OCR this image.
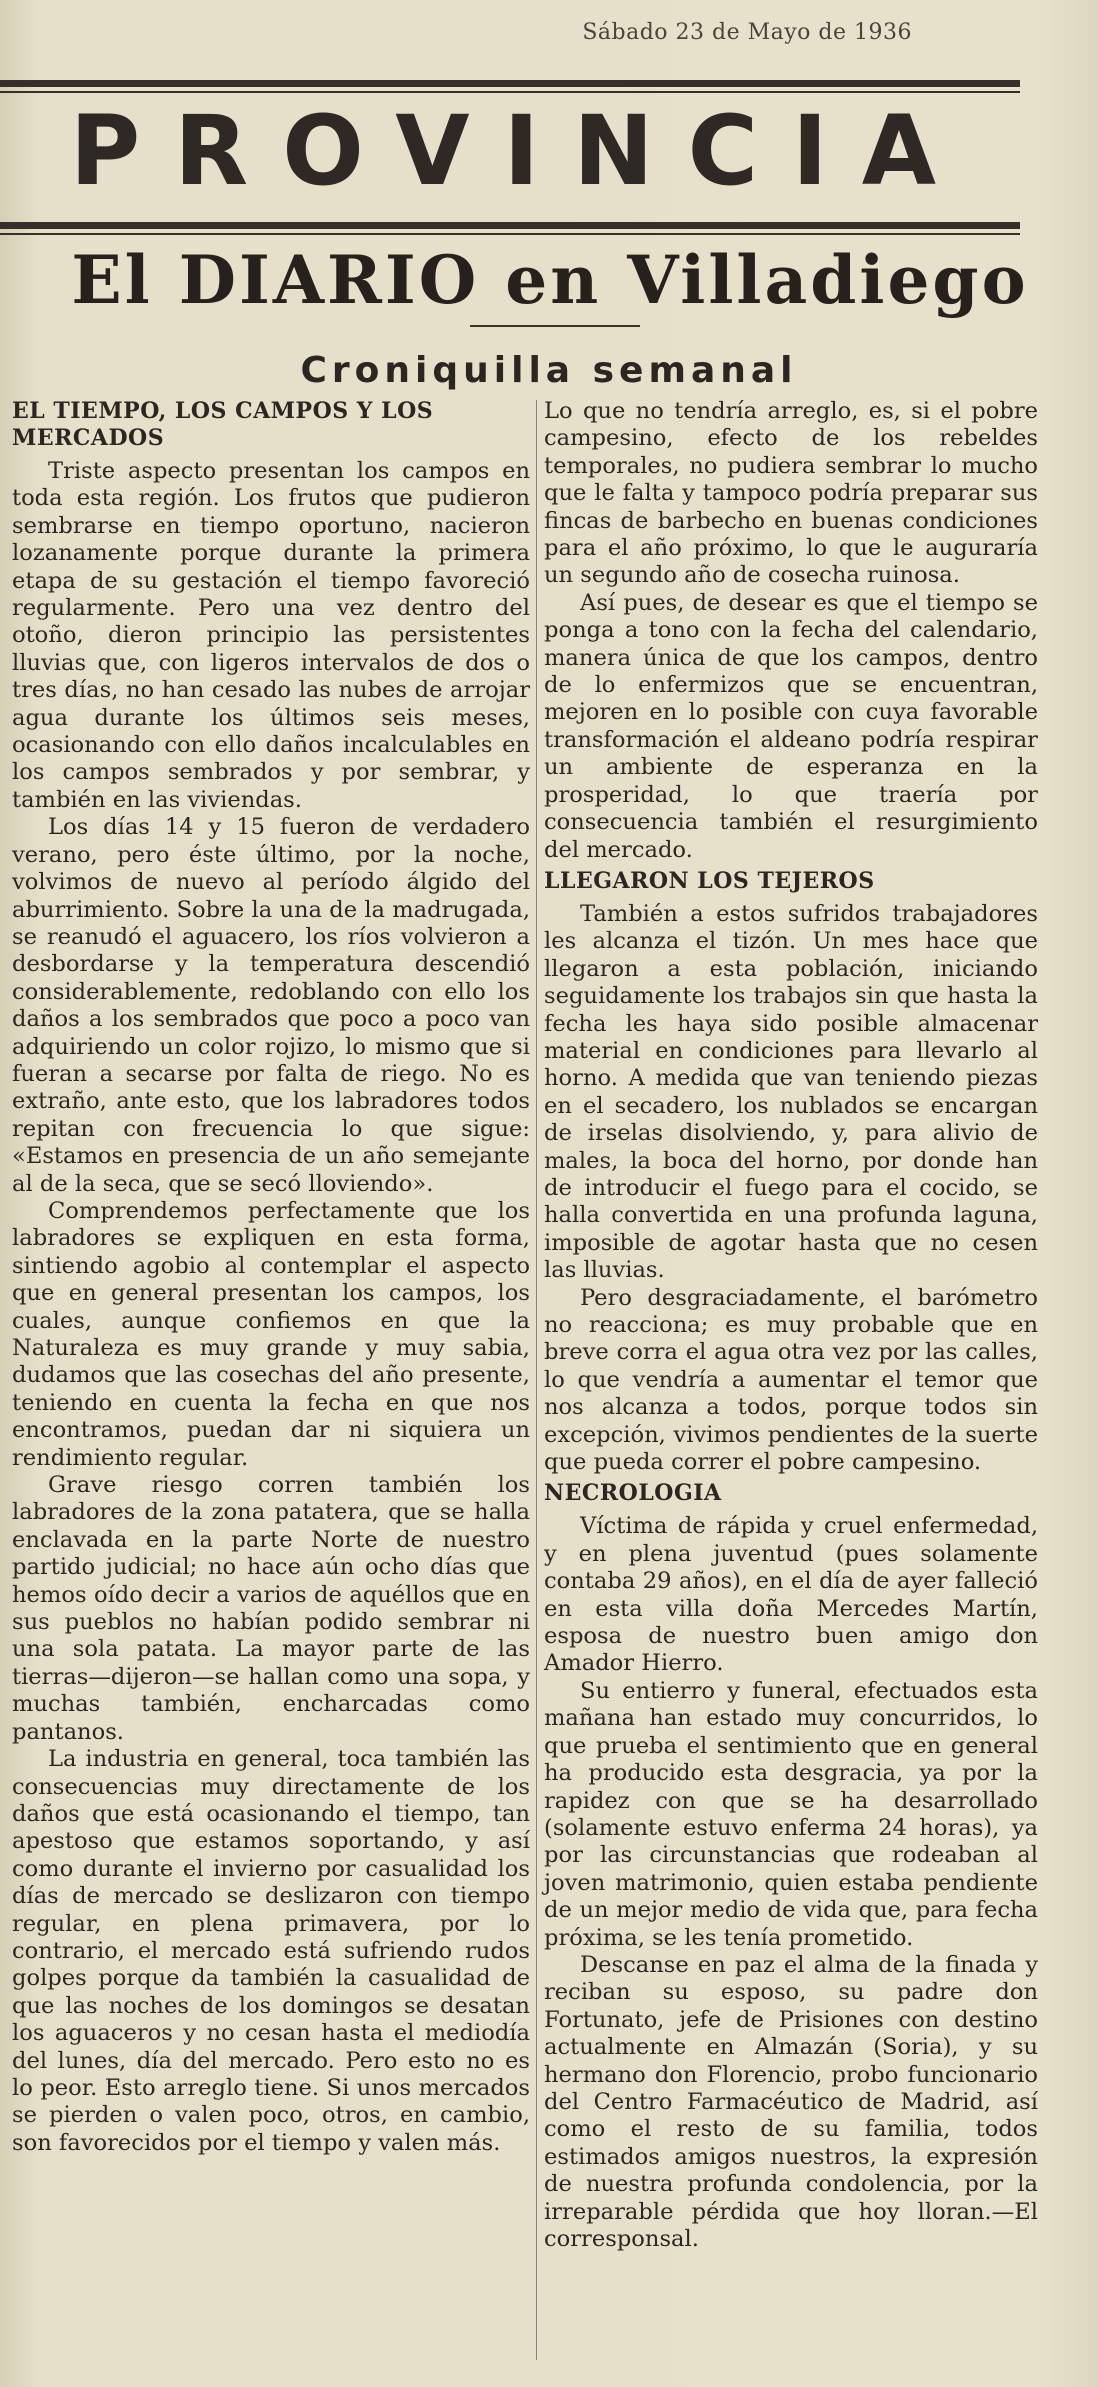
Sábado 23 de Mayo de 1936
PROVINCIA
El DIARIO en Villadiego
Croniquilla semanal
EL TIEMPO, LOS CAMPOS Y LOS MERCADOS

Triste aspecto presentan los campos en toda esta región. Los frutos que pudieron sembrarse en tiempo oportuno, nacieron lozanamente porque durante la primera etapa de su gestación el tiempo favoreció regularmente. Pero una vez dentro del otoño, dieron principio las persistentes lluvias que, con ligeros intervalos de dos o tres días, no han cesado las nubes de arrojar agua durante los últimos seis meses, ocasionando con ello daños incalculables en los campos sembrados y por sembrar, y también en las viviendas.

Los días 14 y 15 fueron de verdadero verano, pero éste último, por la noche, volvimos de nuevo al período álgido del aburrimiento. Sobre la una de la madrugada, se reanudó el aguacero, los ríos volvieron a desbordarse y la temperatura descendió considerablemente, redoblando con ello los daños a los sembrados que poco a poco van adquiriendo un color rojizo, lo mismo que si fueran a secarse por falta de riego. No es extraño, ante esto, que los labradores todos repitan con frecuencia lo que sigue: «Estamos en presencia de un año semejante al de la seca, que se secó lloviendo».

Comprendemos perfectamente que los labradores se expliquen en esta forma, sintiendo agobio al contemplar el aspecto que en general presentan los campos, los cuales, aunque confiemos en que la Naturaleza es muy grande y muy sabia, dudamos que las cosechas del año presente, teniendo en cuenta la fecha en que nos encontramos, puedan dar ni siquiera un rendimiento regular.

Grave riesgo corren también los labradores de la zona patatera, que se halla enclavada en la parte Norte de nuestro partido judicial; no hace aún ocho días que hemos oído decir a varios de aquéllos que en sus pueblos no habían podido sembrar ni una sola patata. La mayor parte de las tierras—dijeron—se hallan como una sopa, y muchas también, encharcadas como pantanos.

La industria en general, toca también las consecuencias muy directamente de los daños que está ocasionando el tiempo, tan apestoso que estamos soportando, y así como durante el invierno por casualidad los días de mercado se deslizaron con tiempo regular, en plena primavera, por lo contrario, el mercado está sufriendo rudos golpes porque da también la casualidad de que las noches de los domingos se desatan los aguaceros y no cesan hasta el mediodía del lunes, día del mercado. Pero esto no es lo peor. Esto arreglo tiene. Si unos mercados se pierden o valen poco, otros, en cambio, son favorecidos por el tiempo y valen más.

Lo que no tendría arreglo, es, si el pobre campesino, efecto de los rebeldes temporales, no pudiera sembrar lo mucho que le falta y tampoco podría preparar sus fincas de barbecho en buenas condiciones para el año próximo, lo que le auguraría un segundo año de cosecha ruinosa.

Así pues, de desear es que el tiempo se ponga a tono con la fecha del calendario, manera única de que los campos, dentro de lo enfermizos que se encuentran, mejoren en lo posible con cuya favorable transformación el aldeano podría respirar un ambiente de esperanza en la prosperidad, lo que traería por consecuencia también el resurgimiento del mercado.

LLEGARON LOS TEJEROS

También a estos sufridos trabajadores les alcanza el tizón. Un mes hace que llegaron a esta población, iniciando seguidamente los trabajos sin que hasta la fecha les haya sido posible almacenar material en condiciones para llevarlo al horno. A medida que van teniendo piezas en el secadero, los nublados se encargan de irselas disolviendo, y, para alivio de males, la boca del horno, por donde han de introducir el fuego para el cocido, se halla convertida en una profunda laguna, imposible de agotar hasta que no cesen las lluvias.

Pero desgraciadamente, el barómetro no reacciona; es muy probable que en breve corra el agua otra vez por las calles, lo que vendría a aumentar el temor que nos alcanza a todos, porque todos sin excepción, vivimos pendientes de la suerte que pueda correr el pobre campesino.

NECROLOGIA

Víctima de rápida y cruel enfermedad, y en plena juventud (pues solamente contaba 29 años), en el día de ayer falleció en esta villa doña Mercedes Martín, esposa de nuestro buen amigo don Amador Hierro.

Su entierro y funeral, efectuados esta mañana han estado muy concurridos, lo que prueba el sentimiento que en general ha producido esta desgracia, ya por la rapidez con que se ha desarrollado (solamente estuvo enferma 24 horas), ya por las circunstancias que rodeaban al joven matrimonio, quien estaba pendiente de un mejor medio de vida que, para fecha próxima, se les tenía prometido.

Descanse en paz el alma de la finada y reciban su esposo, su padre don Fortunato, jefe de Prisiones con destino actualmente en Almazán (Soria), y su hermano don Florencio, probo funcionario del Centro Farmacéutico de Madrid, así como el resto de su familia, todos estimados amigos nuestros, la expresión de nuestra profunda condolencia, por la irreparable pérdida que hoy lloran.—El corresponsal.
